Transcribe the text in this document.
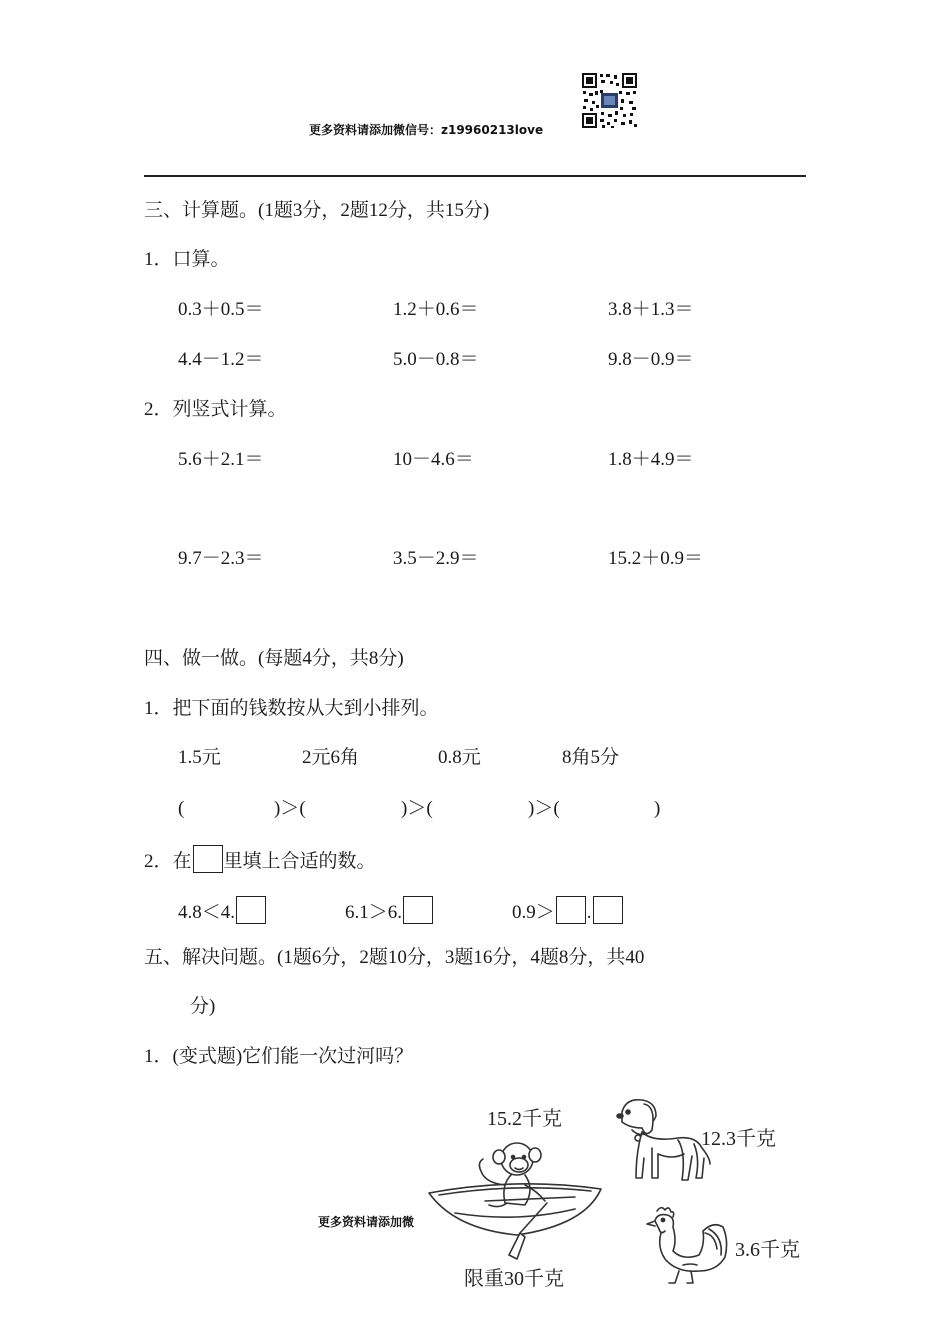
更多资料请添加微信号：z19960213love
三、计算题。(1题3分，2题12分，共15分)
1．口算。
0.3＋0.5＝	1.2＋0.6＝	3.8＋1.3＝
4.4－1.2＝	5.0－0.8＝	9.8－0.9＝
2．列竖式计算。
5.6＋2.1＝	10－4.6＝	1.8＋4.9＝
9.7－2.3＝	3.5－2.9＝	15.2＋0.9＝
四、做一做。(每题4分，共8分)
1．把下面的钱数按从大到小排列。
1.5元	2元6角	0.8元	8角5分
(	)＞(	)＞(	)＞(	)
2．在 里填上合适的数。
4.8＜4.	6.1＞6.	0.9＞ .
五、解决问题。(1题6分，2题10分，3题16分，4题8分，共40
分)
1．(变式题)它们能一次过河吗？
15.2千克
12.3千克
3.6千克
限重30千克
更多资料请添加微
